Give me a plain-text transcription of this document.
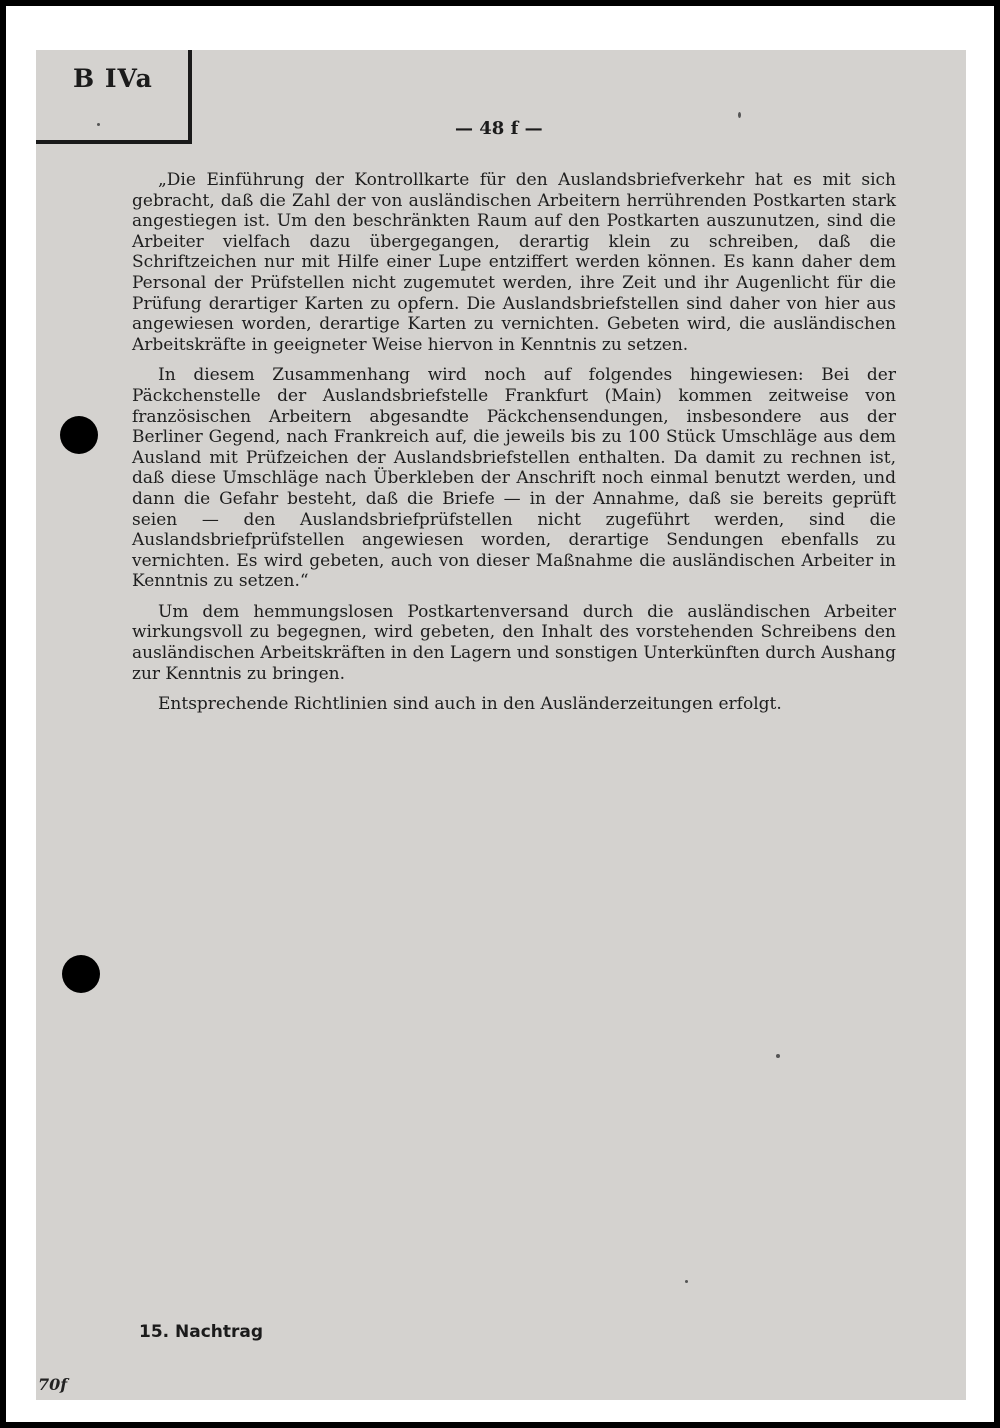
B IVa
— 48 f —

„Die Einführung der Kontrollkarte für den Auslandsbriefverkehr hat es mit sich gebracht, daß die Zahl der von ausländischen Arbeitern herrührenden Postkarten stark angestiegen ist. Um den beschränkten Raum auf den Postkarten auszunutzen, sind die Arbeiter vielfach dazu übergegangen, derartig klein zu schreiben, daß die Schriftzeichen nur mit Hilfe einer Lupe entziffert werden können. Es kann daher dem Personal der Prüfstellen nicht zugemutet werden, ihre Zeit und ihr Augenlicht für die Prüfung derartiger Karten zu opfern. Die Auslandsbriefstellen sind daher von hier aus angewiesen worden, derartige Karten zu vernichten. Gebeten wird, die ausländischen Arbeitskräfte in geeigneter Weise hiervon in Kenntnis zu setzen.

In diesem Zusammenhang wird noch auf folgendes hingewiesen: Bei der Päckchenstelle der Auslandsbriefstelle Frankfurt (Main) kommen zeitweise von französischen Arbeitern abgesandte Päckchensendungen, insbesondere aus der Berliner Gegend, nach Frankreich auf, die jeweils bis zu 100 Stück Umschläge aus dem Ausland mit Prüfzeichen der Auslandsbriefstellen enthalten. Da damit zu rechnen ist, daß diese Umschläge nach Überkleben der Anschrift noch einmal benutzt werden, und dann die Gefahr besteht, daß die Briefe — in der Annahme, daß sie bereits geprüft seien — den Auslandsbriefprüfstellen nicht zugeführt werden, sind die Auslandsbriefprüfstellen angewiesen worden, derartige Sendungen ebenfalls zu vernichten. Es wird gebeten, auch von dieser Maßnahme die ausländischen Arbeiter in Kenntnis zu setzen.“

Um dem hemmungslosen Postkartenversand durch die ausländischen Arbeiter wirkungsvoll zu begegnen, wird gebeten, den Inhalt des vorstehenden Schreibens den ausländischen Arbeitskräften in den Lagern und sonstigen Unterkünften durch Aushang zur Kenntnis zu bringen.

Entsprechende Richtlinien sind auch in den Ausländerzeitungen erfolgt.

15. Nachtrag
70f
